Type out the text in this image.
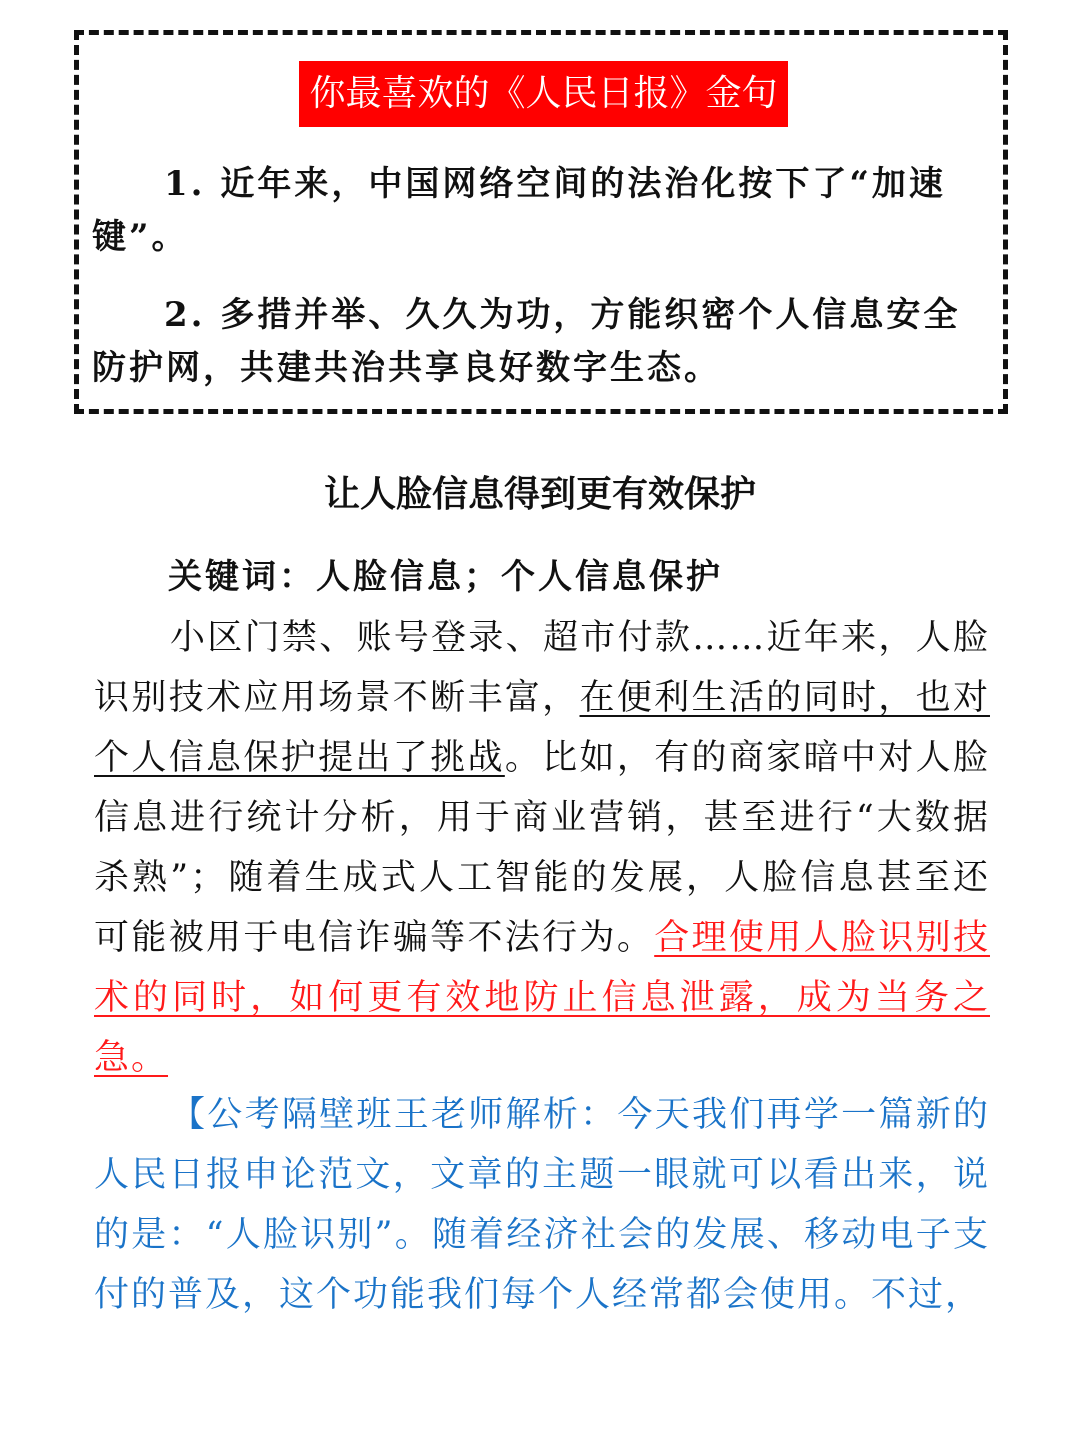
你最喜欢的《人民日报》金句

1. 近年来，中国网络空间的法治化按下了“加速键”。

2. 多措并举、久久为功，方能织密个人信息安全防护网，共建共治共享良好数字生态。

让人脸信息得到更有效保护

关键词：人脸信息；个人信息保护

小区门禁、账号登录、超市付款……近年来，人脸识别技术应用场景不断丰富，在便利生活的同时，也对个人信息保护提出了挑战。比如，有的商家暗中对人脸信息进行统计分析，用于商业营销，甚至进行“大数据杀熟”；随着生成式人工智能的发展，人脸信息甚至还可能被用于电信诈骗等不法行为。合理使用人脸识别技术的同时，如何更有效地防止信息泄露，成为当务之急。

【公考隔壁班王老师解析：今天我们再学一篇新的人民日报申论范文，文章的主题一眼就可以看出来，说的是：“人脸识别”。随着经济社会的发展、移动电子支付的普及，这个功能我们每个人经常都会使用。不过，
